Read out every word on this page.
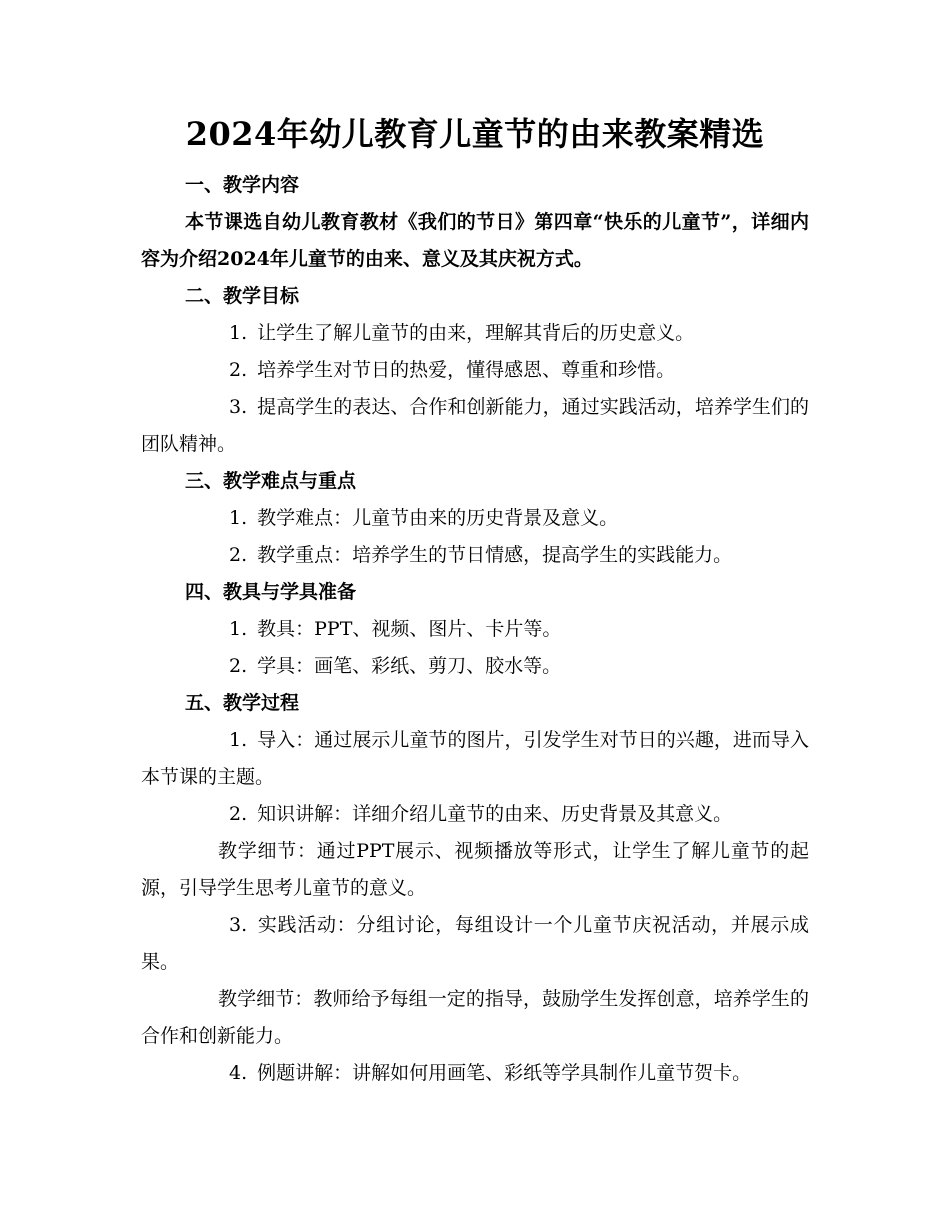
2024年幼儿教育儿童节的由来教案精选

一、教学内容

本节课选自幼儿教育教材《我们的节日》第四章“快乐的儿童节”，详细内容为介绍2024年儿童节的由来、意义及其庆祝方式。

二、教学目标

1. 让学生了解儿童节的由来，理解其背后的历史意义。

2. 培养学生对节日的热爱，懂得感恩、尊重和珍惜。

3. 提高学生的表达、合作和创新能力，通过实践活动，培养学生们的团队精神。

三、教学难点与重点

1. 教学难点：儿童节由来的历史背景及意义。

2. 教学重点：培养学生的节日情感，提高学生的实践能力。

四、教具与学具准备

1. 教具：PPT、视频、图片、卡片等。

2. 学具：画笔、彩纸、剪刀、胶水等。

五、教学过程

1. 导入：通过展示儿童节的图片，引发学生对节日的兴趣，进而导入本节课的主题。

2. 知识讲解：详细介绍儿童节的由来、历史背景及其意义。

教学细节：通过PPT展示、视频播放等形式，让学生了解儿童节的起源，引导学生思考儿童节的意义。

3. 实践活动：分组讨论，每组设计一个儿童节庆祝活动，并展示成果。

教学细节：教师给予每组一定的指导，鼓励学生发挥创意，培养学生的合作和创新能力。

4. 例题讲解：讲解如何用画笔、彩纸等学具制作儿童节贺卡。
